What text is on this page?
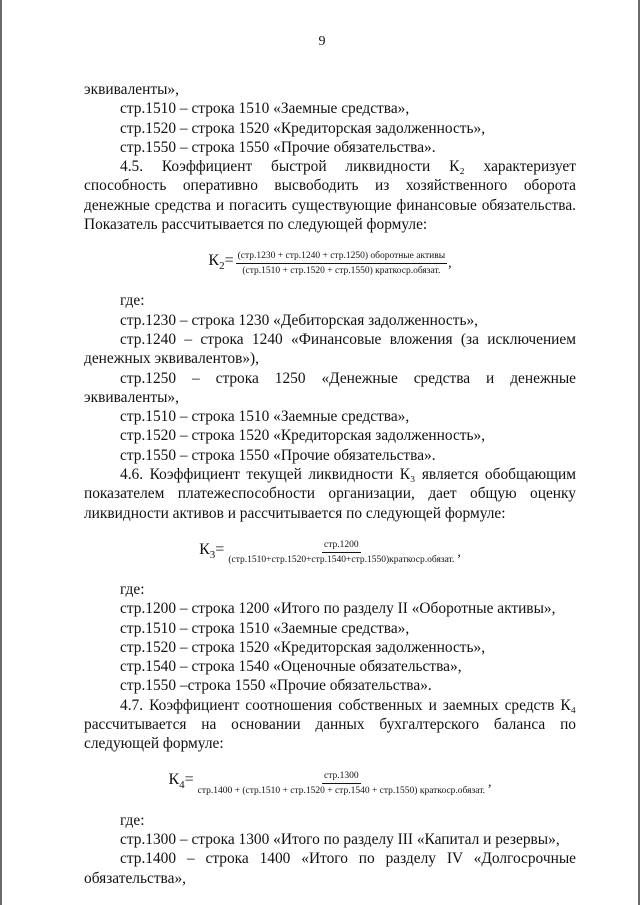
9

эквиваленты»,

стр.1510 – строка 1510 «Заемные средства»,

стр.1520 – строка 1520 «Кредиторская задолженность»,

стр.1550 – строка 1550 «Прочие обязательства».

4.5. Коэффициент быстрой ликвидности К₂ характеризует способность оперативно высвободить из хозяйственного оборота денежные средства и погасить существующие финансовые обязательства. Показатель рассчитывается по следующей формуле:

$К_2= \frac{\text{(стр.1230 + стр.1240 + стр.1250) оборотные активы}}{\text{(стр.1510 + стр.1520 + стр.1550) краткоср.обязат.}}$ ,

где:

стр.1230 – строка 1230 «Дебиторская задолженность»,

стр.1240 – строка 1240 «Финансовые вложения (за исключением денежных эквивалентов»),

стр.1250 – строка 1250 «Денежные средства и денежные эквиваленты»,

стр.1510 – строка 1510 «Заемные средства»,

стр.1520 – строка 1520 «Кредиторская задолженность»,

стр.1550 – строка 1550 «Прочие обязательства».

4.6. Коэффициент текущей ликвидности К₃ является обобщающим показателем платежеспособности организации, дает общую оценку ликвидности активов и рассчитывается по следующей формуле:

$К_3= \frac{\text{стр.1200}}{\text{(стр.1510+стр.1520+стр.1540+стр.1550)краткоср.обязат.}}$ ,

где:

стр.1200 – строка 1200 «Итого по разделу II «Оборотные активы»,

стр.1510 – строка 1510 «Заемные средства»,

стр.1520 – строка 1520 «Кредиторская задолженность»,

стр.1540 – строка 1540 «Оценочные обязательства»,

стр.1550 –строка 1550 «Прочие обязательства».

4.7. Коэффициент соотношения собственных и заемных средств К₄ рассчитывается на основании данных бухгалтерского баланса по следующей формуле:

$К_4=$	стр.1300
стр.1400 + (стр.1510 + стр.1520 + стр.1540 + стр.1550) краткоср.обязат.
,

где:

стр.1300 – строка 1300 «Итого по разделу III «Капитал и резервы»,

стр.1400 – строка 1400 «Итого по разделу IV «Долгосрочные обязательства»,
